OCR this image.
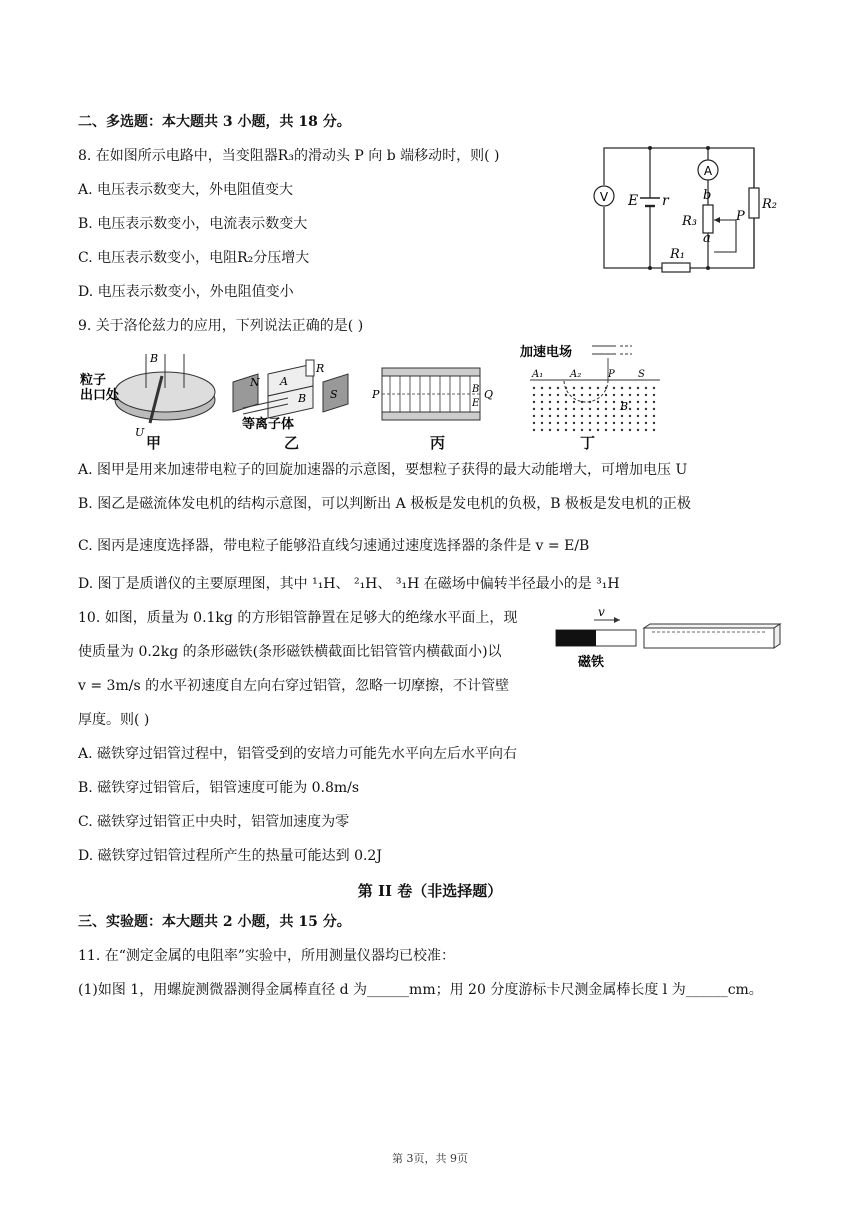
二、多选题：本大题共 3 小题，共 18 分。
8. 在如图所示电路中，当变阻器R₃的滑动头 P 向 b 端移动时，则( )
A. 电压表示数变大，外电阻值变大
B. 电压表示数变小，电流表示数变大
C. 电压表示数变小，电阻R₂分压增大
D. 电压表示数变小，外电阻值变小
V E r
A
b
a
R₃	P
R₂
R₁
9. 关于洛伦兹力的应用，下列说法正确的是( )
B
粒子 出口处
U
甲
N A
R
B S
等离子体
乙
P	B
E
Q
丙
加速电场
A₁	A₂	P S
B
丁
A. 图甲是用来加速带电粒子的回旋加速器的示意图，要想粒子获得的最大动能增大，可增加电压 U
B. 图乙是磁流体发电机的结构示意图，可以判断出 A 极板是发电机的负极，B 极板是发电机的正极
C. 图丙是速度选择器，带电粒子能够沿直线匀速通过速度选择器的条件是 v = E/B
D. 图丁是质谱仪的主要原理图，其中 ¹₁H、 ²₁H、 ³₁H 在磁场中偏转半径最小的是 ³₁H
10. 如图，质量为 0.1kg 的方形铝管静置在足够大的绝缘水平面上，现
使质量为 0.2kg 的条形磁铁(条形磁铁横截面比铝管管内横截面小)以
v = 3m/s 的水平初速度自左向右穿过铝管，忽略一切摩擦，不计管壁
厚度。则( )
v
磁铁
A. 磁铁穿过铝管过程中，铝管受到的安培力可能先水平向左后水平向右
B. 磁铁穿过铝管后，铝管速度可能为 0.8m/s
C. 磁铁穿过铝管正中央时，铝管加速度为零
D. 磁铁穿过铝管过程所产生的热量可能达到 0.2J
第 II 卷（非选择题）
三、实验题：本大题共 2 小题，共 15 分。
11. 在“测定金属的电阻率”实验中，所用测量仪器均已校准：
(1)如图 1，用螺旋测微器测得金属棒直径 d 为______mm；用 20 分度游标卡尺测金属棒长度 l 为______cm。
第 3页，共 9页
